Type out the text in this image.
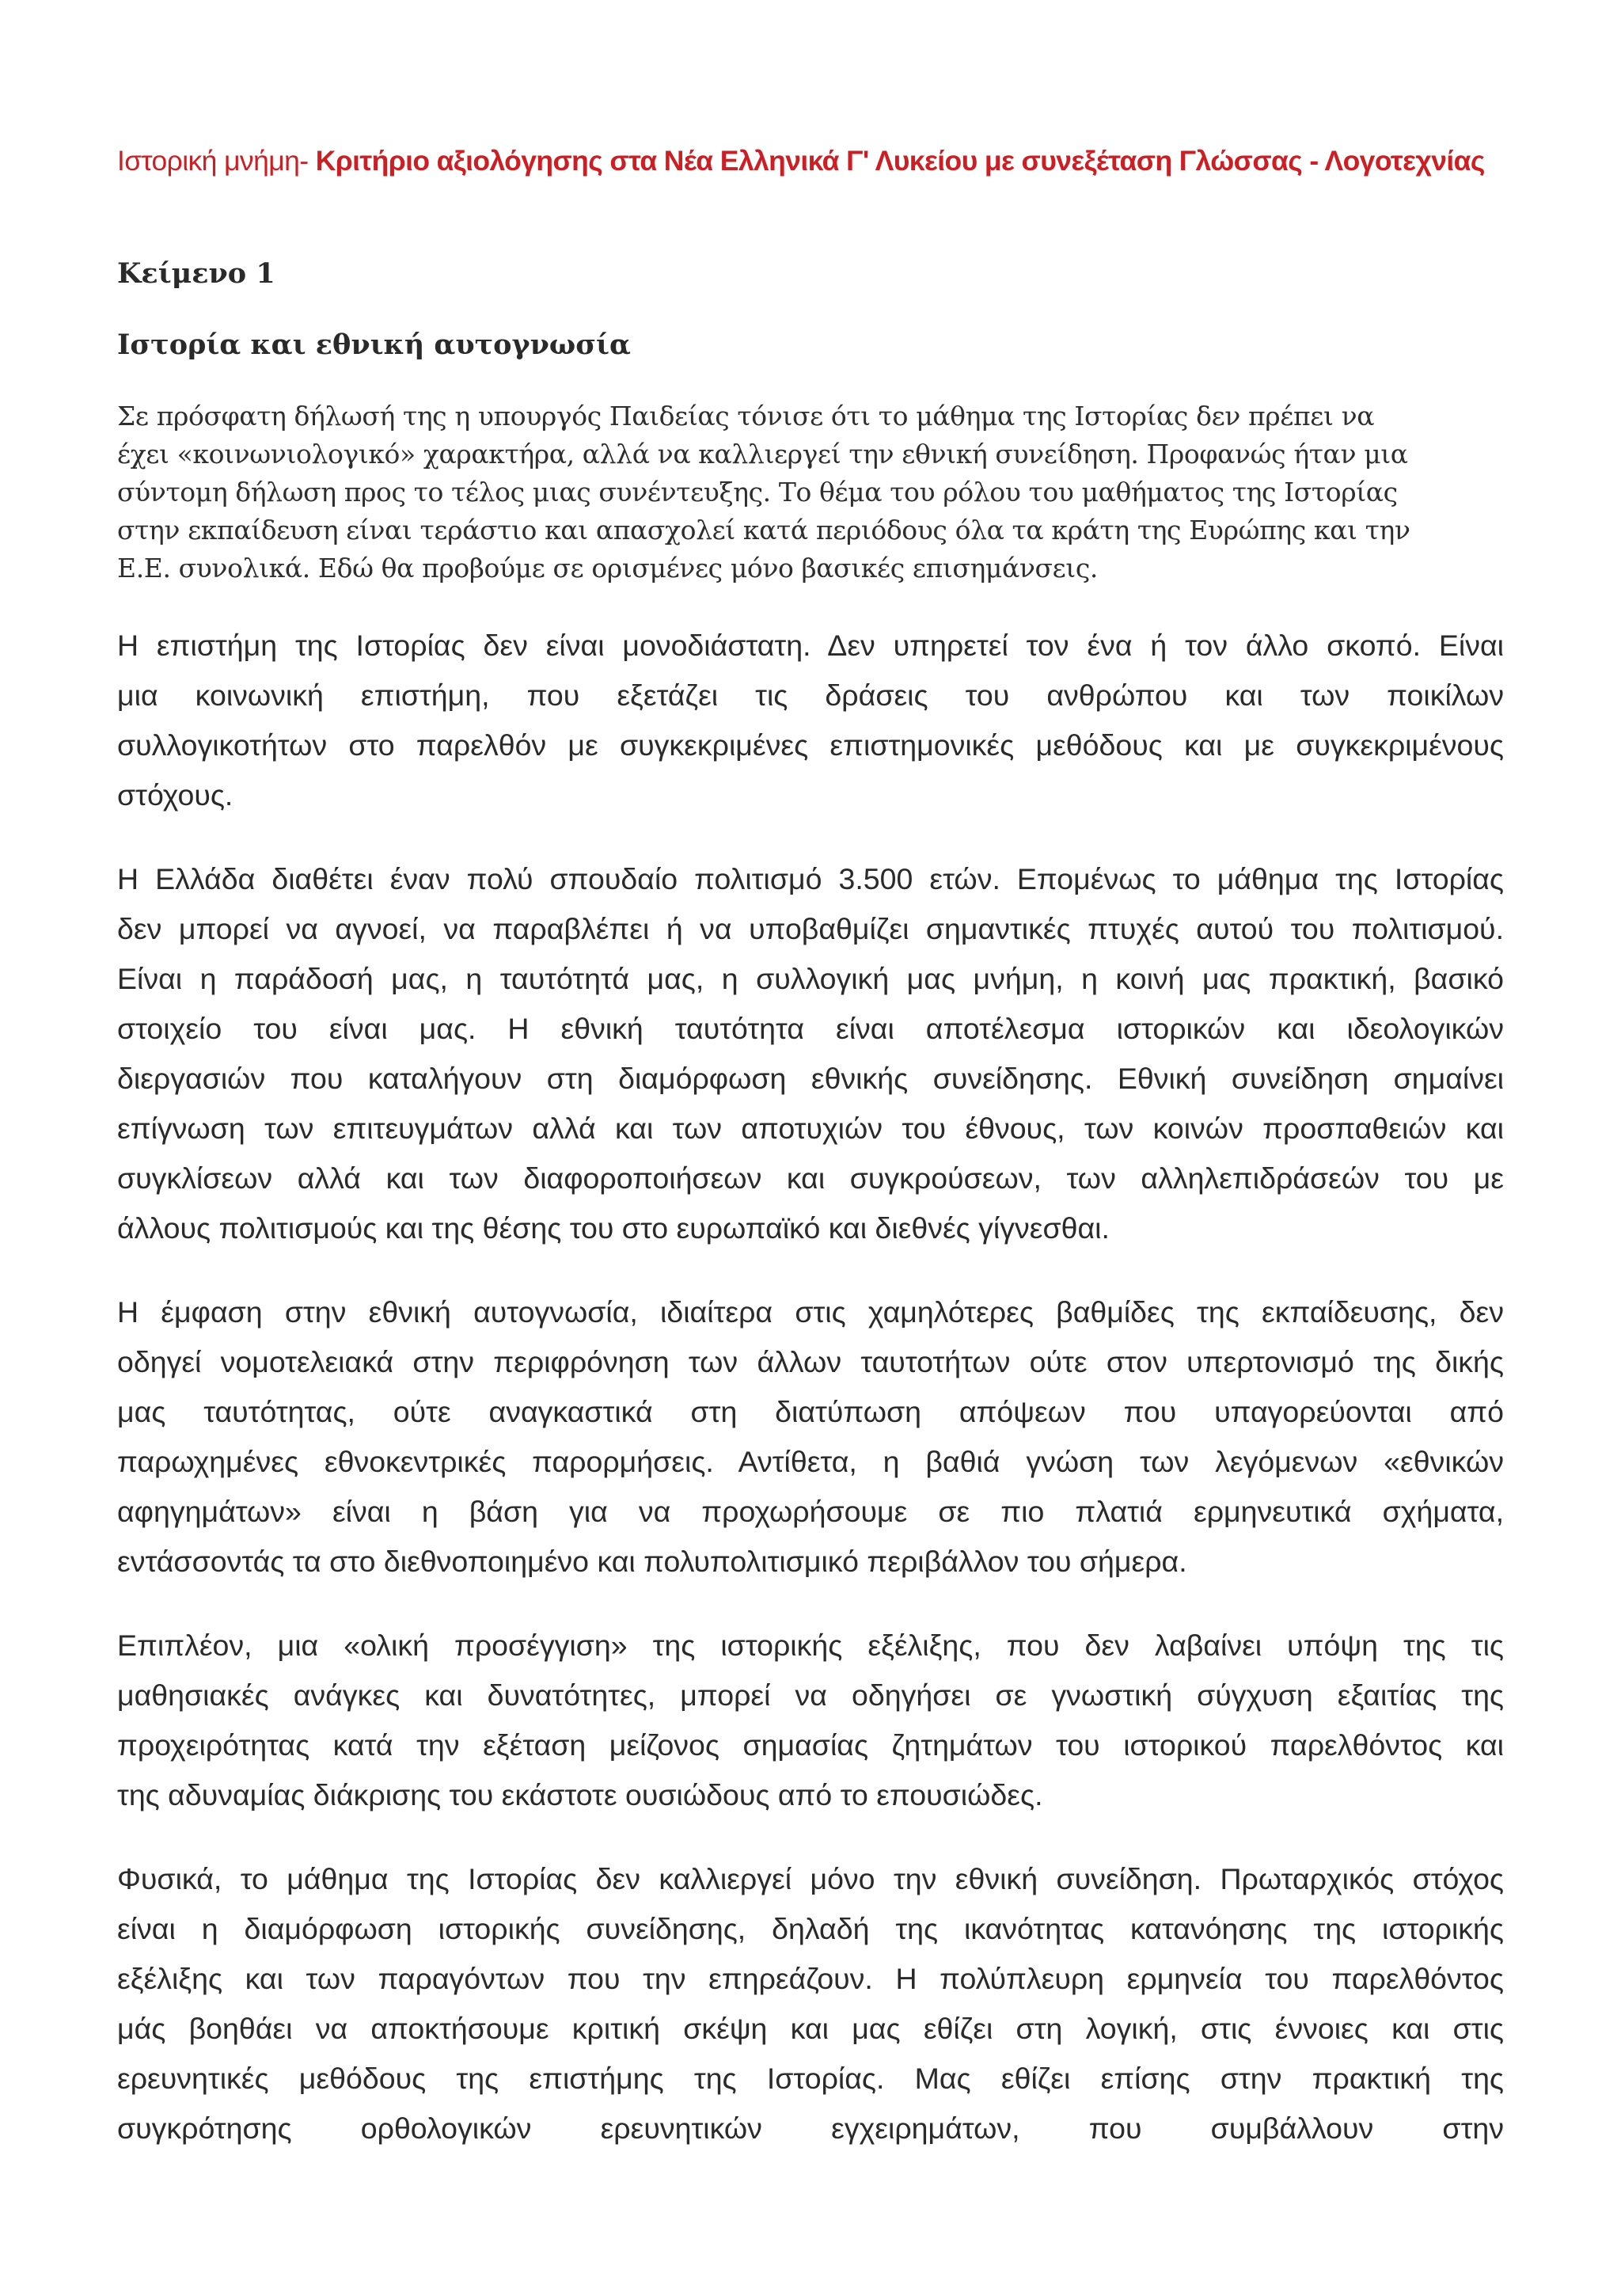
Ιστορική μνήμη- Κριτήριο αξιολόγησης στα Νέα Ελληνικά Γ' Λυκείου με συνεξέταση Γλώσσας - Λογοτεχνίας

Κείμενο 1
Ιστορία και εθνική αυτογνωσία

Σε πρόσφατη δήλωσή της η υπουργός Παιδείας τόνισε ότι το μάθημα της Ιστορίας δεν πρέπει να
έχει «κοινωνιολογικό» χαρακτήρα, αλλά να καλλιεργεί την εθνική συνείδηση. Προφανώς ήταν μια
σύντομη δήλωση προς το τέλος μιας συνέντευξης. Το θέμα του ρόλου του μαθήματος της Ιστορίας
στην εκπαίδευση είναι τεράστιο και απασχολεί κατά περιόδους όλα τα κράτη της Ευρώπης και την
Ε.Ε. συνολικά. Εδώ θα προβούμε σε ορισμένες μόνο βασικές επισημάνσεις.

Η επιστήμη της Ιστορίας δεν είναι μονοδιάστατη. Δεν υπηρετεί τον ένα ή τον άλλο σκοπό. Είναι
μια κοινωνική επιστήμη, που εξετάζει τις δράσεις του ανθρώπου και των ποικίλων
συλλογικοτήτων στο παρελθόν με συγκεκριμένες επιστημονικές μεθόδους και με συγκεκριμένους
στόχους.

Η Ελλάδα διαθέτει έναν πολύ σπουδαίο πολιτισμό 3.500 ετών. Επομένως το μάθημα της Ιστορίας
δεν μπορεί να αγνοεί, να παραβλέπει ή να υποβαθμίζει σημαντικές πτυχές αυτού του πολιτισμού.
Είναι η παράδοσή μας, η ταυτότητά μας, η συλλογική μας μνήμη, η κοινή μας πρακτική, βασικό
στοιχείο του είναι μας. Η εθνική ταυτότητα είναι αποτέλεσμα ιστορικών και ιδεολογικών
διεργασιών που καταλήγουν στη διαμόρφωση εθνικής συνείδησης. Εθνική συνείδηση σημαίνει
επίγνωση των επιτευγμάτων αλλά και των αποτυχιών του έθνους, των κοινών προσπαθειών και
συγκλίσεων αλλά και των διαφοροποιήσεων και συγκρούσεων, των αλληλεπιδράσεών του με
άλλους πολιτισμούς και της θέσης του στο ευρωπαϊκό και διεθνές γίγνεσθαι.

Η έμφαση στην εθνική αυτογνωσία, ιδιαίτερα στις χαμηλότερες βαθμίδες της εκπαίδευσης, δεν
οδηγεί νομοτελειακά στην περιφρόνηση των άλλων ταυτοτήτων ούτε στον υπερτονισμό της δικής
μας ταυτότητας, ούτε αναγκαστικά στη διατύπωση απόψεων που υπαγορεύονται από
παρωχημένες εθνοκεντρικές παρορμήσεις. Αντίθετα, η βαθιά γνώση των λεγόμενων «εθνικών
αφηγημάτων» είναι η βάση για να προχωρήσουμε σε πιο πλατιά ερμηνευτικά σχήματα,
εντάσσοντάς τα στο διεθνοποιημένο και πολυπολιτισμικό περιβάλλον του σήμερα.

Επιπλέον, μια «ολική προσέγγιση» της ιστορικής εξέλιξης, που δεν λαβαίνει υπόψη της τις
μαθησιακές ανάγκες και δυνατότητες, μπορεί να οδηγήσει σε γνωστική σύγχυση εξαιτίας της
προχειρότητας κατά την εξέταση μείζονος σημασίας ζητημάτων του ιστορικού παρελθόντος και
της αδυναμίας διάκρισης του εκάστοτε ουσιώδους από το επουσιώδες.

Φυσικά, το μάθημα της Ιστορίας δεν καλλιεργεί μόνο την εθνική συνείδηση. Πρωταρχικός στόχος
είναι η διαμόρφωση ιστορικής συνείδησης, δηλαδή της ικανότητας κατανόησης της ιστορικής
εξέλιξης και των παραγόντων που την επηρεάζουν. Η πολύπλευρη ερμηνεία του παρελθόντος
μάς βοηθάει να αποκτήσουμε κριτική σκέψη και μας εθίζει στη λογική, στις έννοιες και στις
ερευνητικές μεθόδους της επιστήμης της Ιστορίας. Μας εθίζει επίσης στην πρακτική της
συγκρότησης ορθολογικών ερευνητικών εγχειρημάτων, που συμβάλλουν στην
